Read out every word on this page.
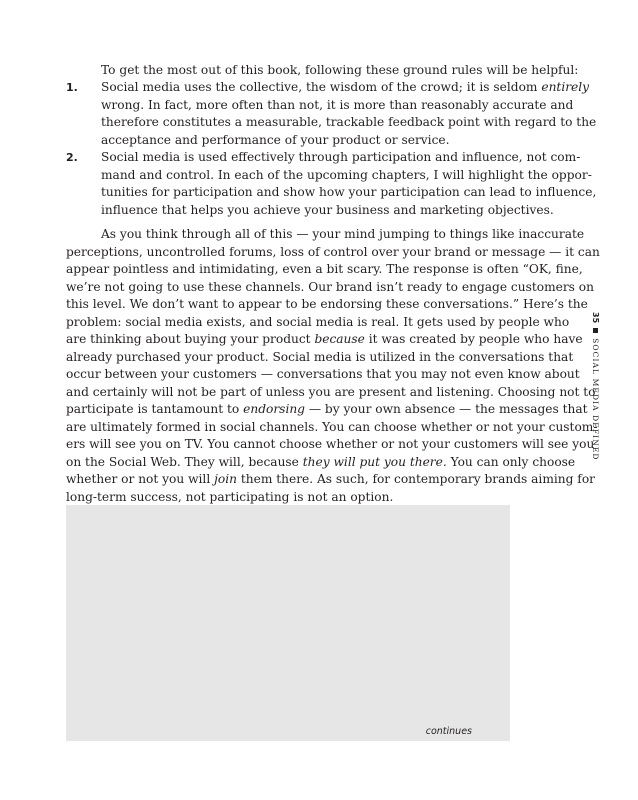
To get the most out of this book, following these ground rules will be helpful:

1. Social media uses the collective, the wisdom of the crowd; it is seldom entirely
wrong. In fact, more often than not, it is more than reasonably accurate and
therefore constitutes a measurable, trackable feedback point with regard to the
acceptance and performance of your product or service.
2. Social media is used effectively through participation and influence, not com-
mand and control. In each of the upcoming chapters, I will highlight the oppor-
tunities for participation and show how your participation can lead to influence,
influence that helps you achieve your business and marketing objectives.
As you think through all of this — your mind jumping to things like inaccurate
perceptions, uncontrolled forums, loss of control over your brand or message — it can
appear pointless and intimidating, even a bit scary. The response is often “OK, fine,
we’re not going to use these channels. Our brand isn’t ready to engage customers on
this level. We don’t want to appear to be endorsing these conversations.” Here’s the
problem: social media exists, and social media is real. It gets used by people who
are thinking about buying your product because it was created by people who have
already purchased your product. Social media is utilized in the conversations that
occur between your customers — conversations that you may not even know about
and certainly will not be part of unless you are present and listening. Choosing not to
participate is tantamount to endorsing — by your own absence — the messages that
are ultimately formed in social channels. You can choose whether or not your custom-
ers will see you on TV. You cannot choose whether or not your customers will see you
on the Social Web. They will, because they will put you there. You can only choose
whether or not you will join them there. As such, for contemporary brands aiming for
long-term success, not participating is not an option.
35SOCIAL MEDIA DEFINED
continues
